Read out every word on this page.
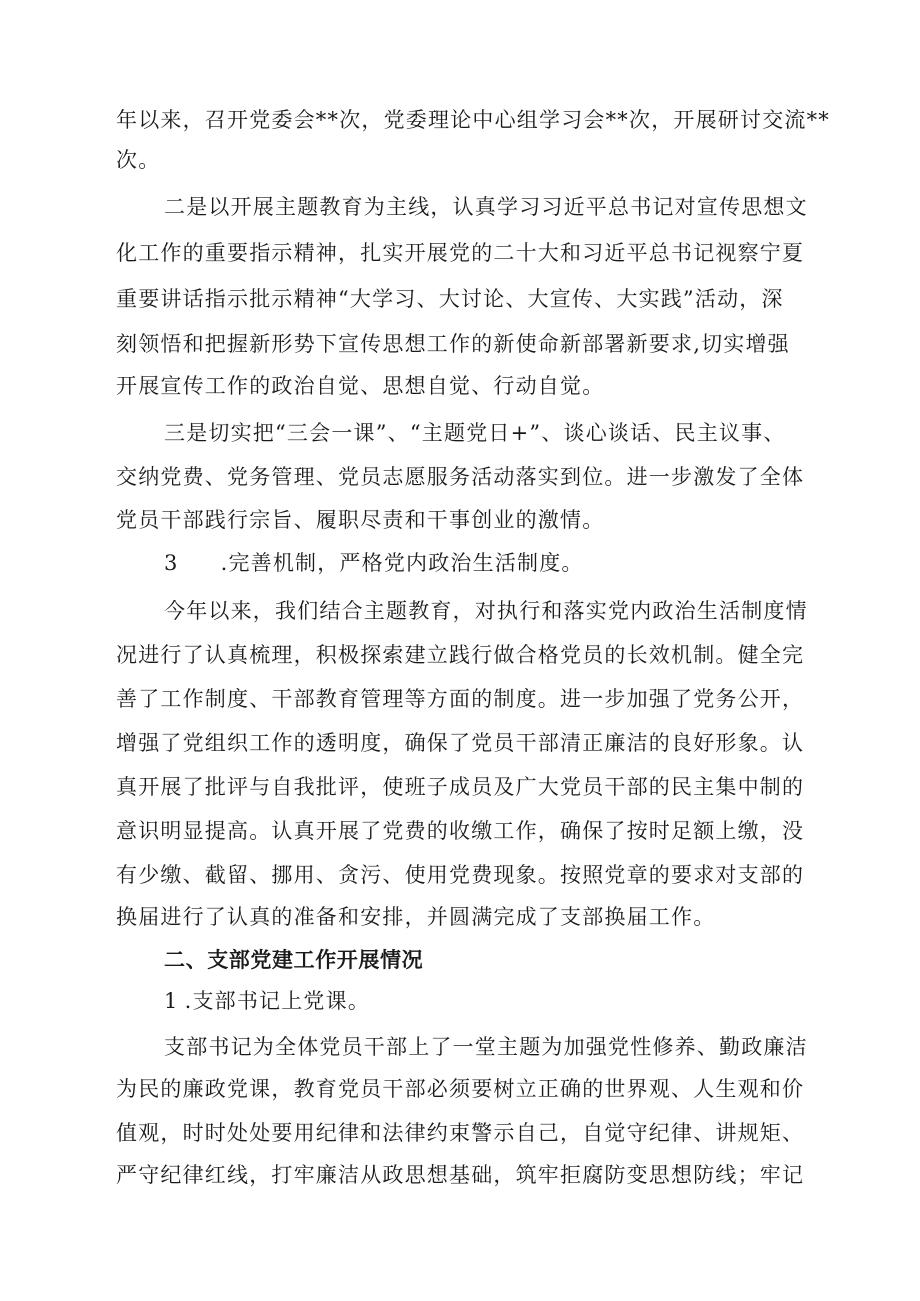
年以来，召开党委会**次，党委理论中心组学习会**次，开展研讨交流**
次。
二是以开展主题教育为主线，认真学习习近平总书记对宣传思想文
化工作的重要指示精神，扎实开展党的二十大和习近平总书记视察宁夏
重要讲话指示批示精神“大学习、大讨论、大宣传、大实践”活动，深
刻领悟和把握新形势下宣传思想工作的新使命新部署新要求,切实增强
开展宣传工作的政治自觉、思想自觉、行动自觉。
三是切实把“三会一课”、“主题党日+”、谈心谈话、民主议事、
交纳党费、党务管理、党员志愿服务活动落实到位。进一步激发了全体
党员干部践行宗旨、履职尽责和干事创业的激情。
3 .完善机制，严格党内政治生活制度。
今年以来，我们结合主题教育，对执行和落实党内政治生活制度情
况进行了认真梳理，积极探索建立践行做合格党员的长效机制。健全完
善了工作制度、干部教育管理等方面的制度。进一步加强了党务公开，
增强了党组织工作的透明度，确保了党员干部清正廉洁的良好形象。认
真开展了批评与自我批评，使班子成员及广大党员干部的民主集中制的
意识明显提高。认真开展了党费的收缴工作，确保了按时足额上缴，没
有少缴、截留、挪用、贪污、使用党费现象。按照党章的要求对支部的
换届进行了认真的准备和安排，并圆满完成了支部换届工作。
二、支部党建工作开展情况
1 .支部书记上党课。
支部书记为全体党员干部上了一堂主题为加强党性修养、勤政廉洁
为民的廉政党课，教育党员干部必须要树立正确的世界观、人生观和价
值观，时时处处要用纪律和法律约束警示自己，自觉守纪律、讲规矩、
严守纪律红线，打牢廉洁从政思想基础，筑牢拒腐防变思想防线；牢记
